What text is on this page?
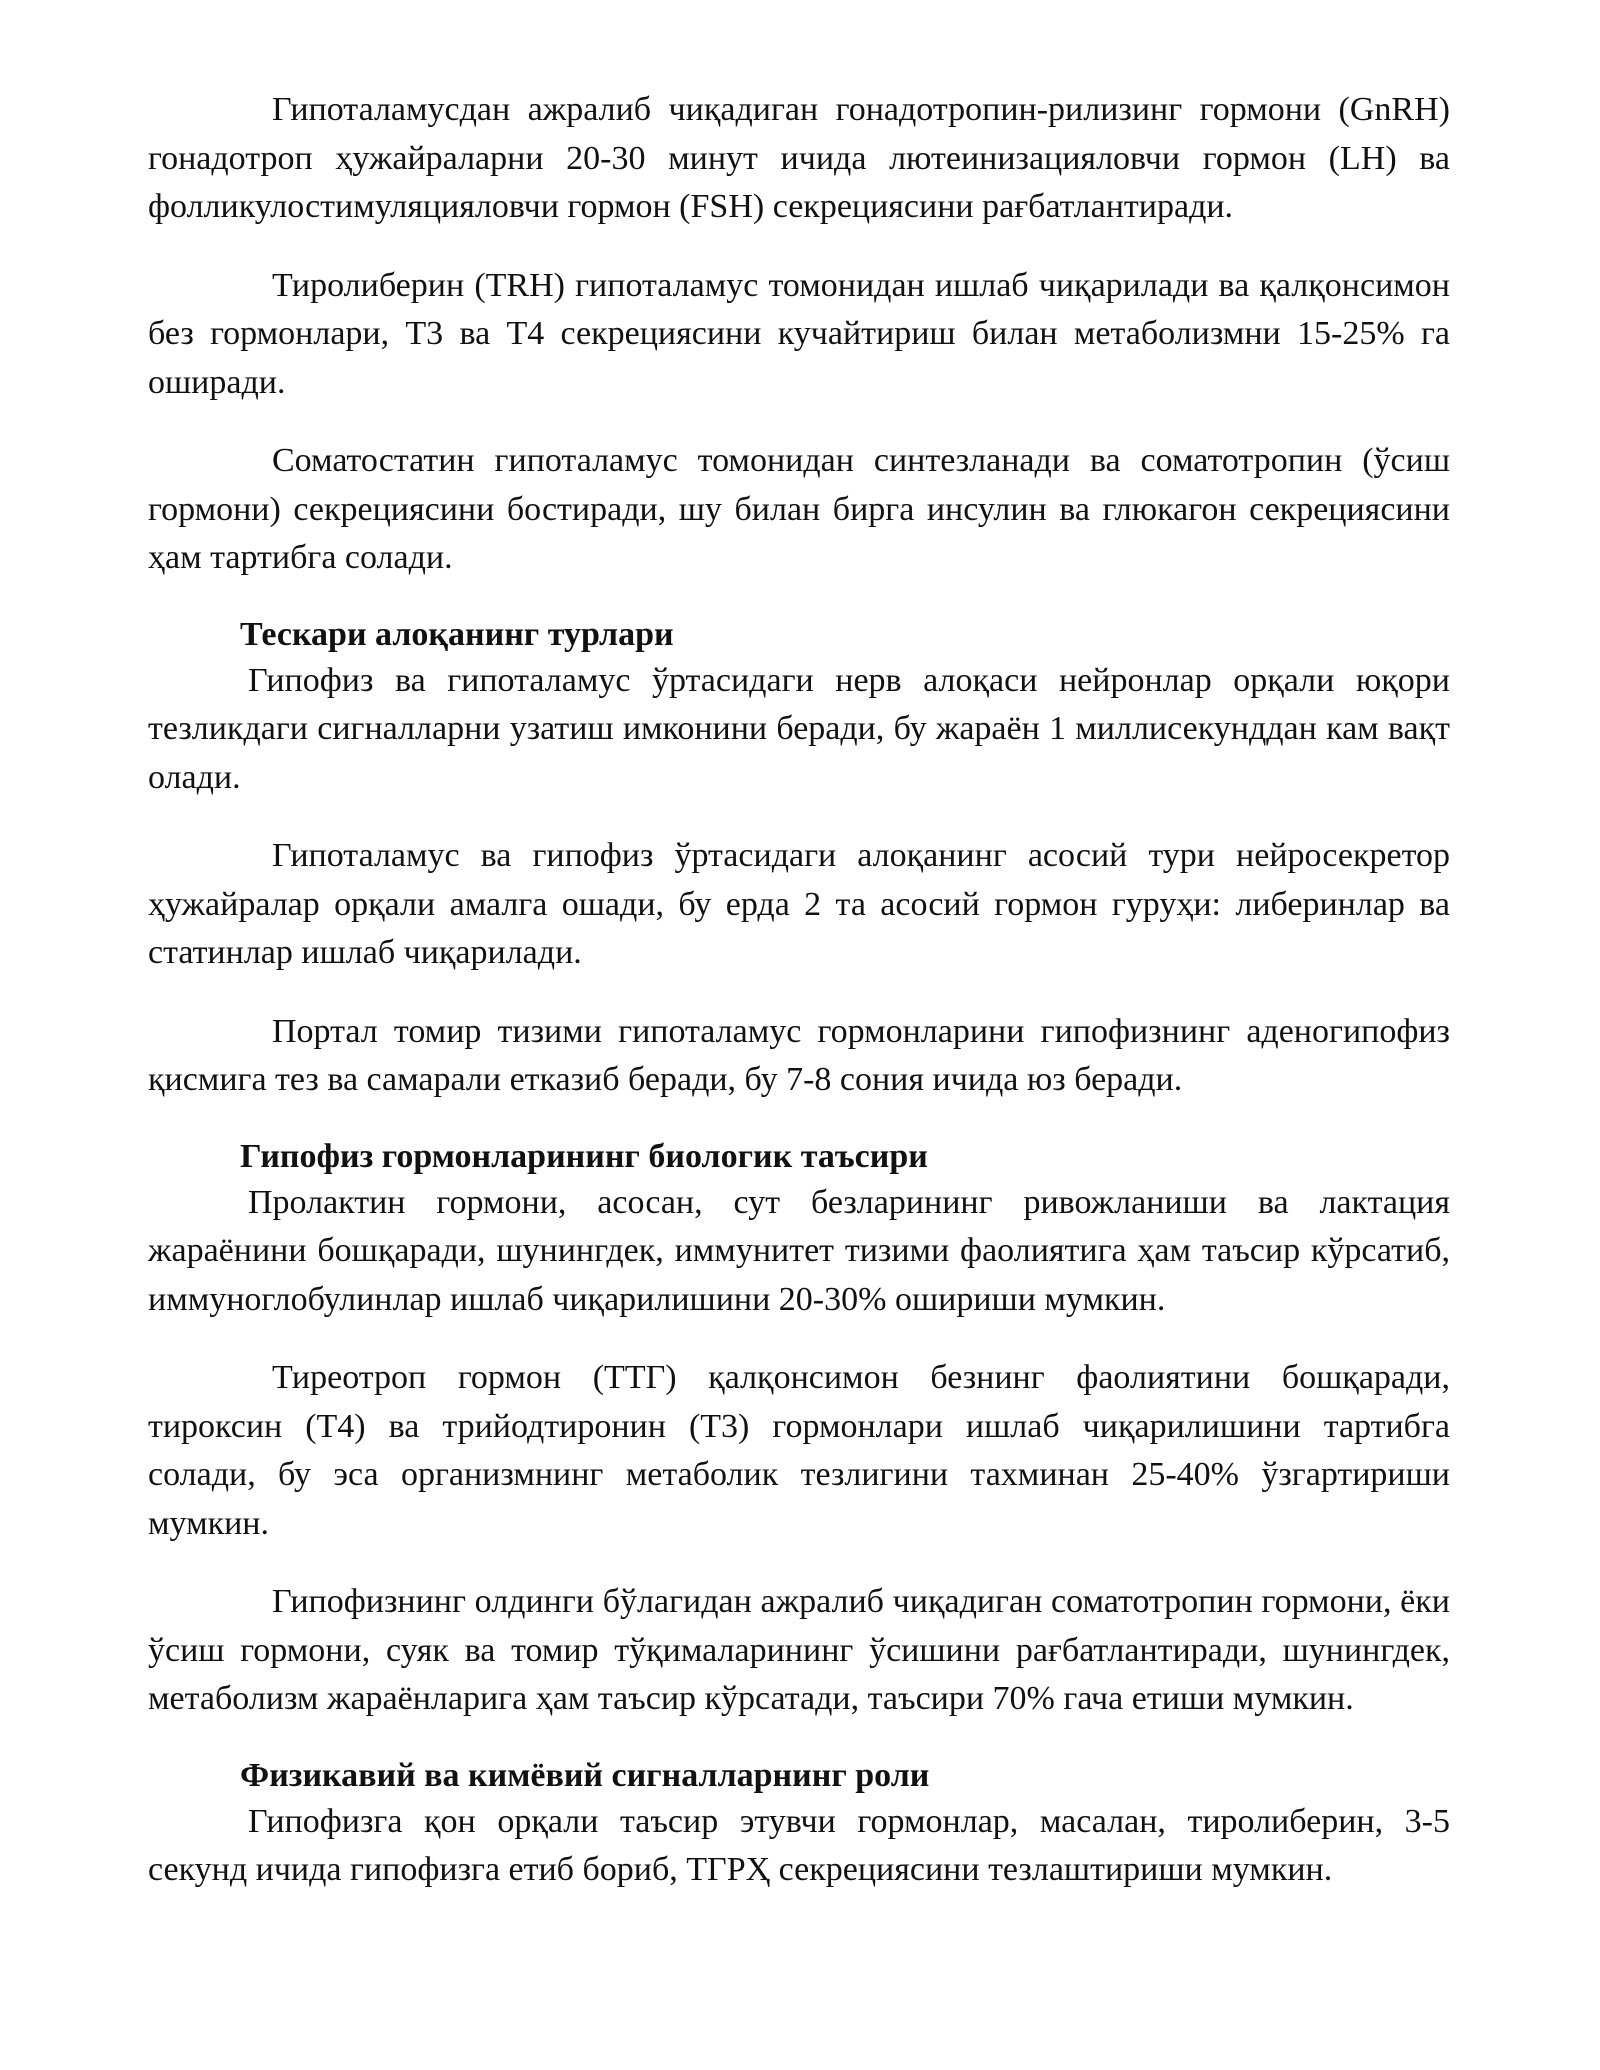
Гипоталамусдан ажралиб чиқадиган гонадотропин-рилизинг гормони (GnRH) гонадотроп ҳужайраларни 20-30 минут ичида лютеинизацияловчи гормон (LH) ва фолликулостимуляцияловчи гормон (FSH) секрециясини рағбатлантиради.

Тиролиберин (TRH) гипоталамус томонидан ишлаб чиқарилади ва қалқонсимон без гормонлари, T3 ва T4 секрециясини кучайтириш билан метаболизмни 15-25% га оширади.

Соматостатин гипоталамус томонидан синтезланади ва соматотропин (ўсиш гормони) секрециясини бостиради, шу билан бирга инсулин ва глюкагон секрециясини ҳам тартибга солади.

Тескари алоқанинг турлари

Гипофиз ва гипоталамус ўртасидаги нерв алоқаси нейронлар орқали юқори тезликдаги сигналларни узатиш имконини беради, бу жараён 1 миллисекунддан кам вақт олади.

Гипоталамус ва гипофиз ўртасидаги алоқанинг асосий тури нейросекретор ҳужайралар орқали амалга ошади, бу ерда 2 та асосий гормон гуруҳи: либеринлар ва статинлар ишлаб чиқарилади.

Портал томир тизими гипоталамус гормонларини гипофизнинг аденогипофиз қисмига тез ва самарали етказиб беради, бу 7-8 сония ичида юз беради.

Гипофиз гормонларининг биологик таъсири

Пролактин гормони, асосан, сут безларининг ривожланиши ва лактация жараёнини бошқаради, шунингдек, иммунитет тизими фаолиятига ҳам таъсир кўрсатиб, иммуноглобулинлар ишлаб чиқарилишини 20-30% ошириши мумкин.

Тиреотроп гормон (ТТГ) қалқонсимон безнинг фаолиятини бошқаради, тироксин (T4) ва трийодтиронин (T3) гормонлари ишлаб чиқарилишини тартибга солади, бу эса организмнинг метаболик тезлигини тахминан 25-40% ўзгартириши мумкин.

Гипофизнинг олдинги бўлагидан ажралиб чиқадиган соматотропин гормони, ёки ўсиш гормони, суяк ва томир тўқималарининг ўсишини рағбатлантиради, шунингдек, метаболизм жараёнларига ҳам таъсир кўрсатади, таъсири 70% гача етиши мумкин.

Физикавий ва кимёвий сигналларнинг роли

Гипофизга қон орқали таъсир этувчи гормонлар, масалан, тиролиберин, 3-5 секунд ичида гипофизга етиб бориб, ТГРҲ секрециясини тезлаштириши мумкин.
